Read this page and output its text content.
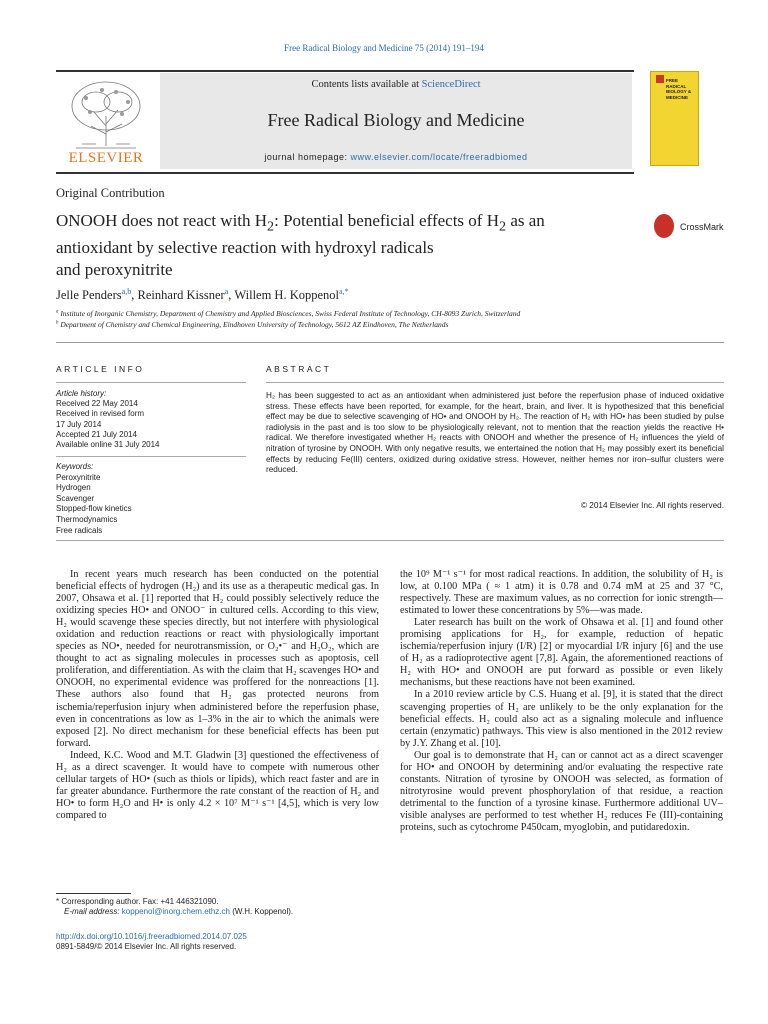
Free Radical Biology and Medicine 75 (2014) 191–194
ELSEVIER
Contents lists available at ScienceDirect
Free Radical Biology and Medicine
journal homepage: www.elsevier.com/locate/freeradbiomed
FREE RADICAL BIOLOGY & MEDICINE
Original Contribution
ONOOH does not react with $H_2$: Potential beneficial effects of $H_2$ as an
antioxidant by selective reaction with hydroxyl radicals
and peroxynitrite
CrossMark
Jelle Penders$^{a,b}$, Reinhard Kissner$^a$, Willem H. Koppenol$^{a,*}$
$^a$ Institute of Inorganic Chemistry, Department of Chemistry and Applied Biosciences, Swiss Federal Institute of Technology, CH-8093 Zurich, Switzerland
$^b$ Department of Chemistry and Chemical Engineering, Eindhoven University of Technology, 5612 AZ Eindhoven, The Netherlands
ARTICLE INFO
Article history:
Received 22 May 2014
Received in revised form
17 July 2014
Accepted 21 July 2014
Available online 31 July 2014
Keywords:
Peroxynitrite
Hydrogen
Scavenger
Stopped-flow kinetics
Thermodynamics
Free radicals
ABSTRACT
H₂ has been suggested to act as an antioxidant when administered just before the reperfusion phase of induced oxidative stress. These effects have been reported, for example, for the heart, brain, and liver. It is hypothesized that this beneficial effect may be due to selective scavenging of HO• and ONOOH by H₂. The reaction of H₂ with HO• has been studied by pulse radiolysis in the past and is too slow to be physiologically relevant, not to mention that the reaction yields the reactive H• radical. We therefore investigated whether H₂ reacts with ONOOH and whether the presence of H₂ influences the yield of nitration of tyrosine by ONOOH. With only negative results, we entertained the notion that H₂ may possibly exert its beneficial effects by reducing Fe(III) centers, oxidized during oxidative stress. However, neither hemes nor iron–sulfur clusters were reduced.
© 2014 Elsevier Inc. All rights reserved.

In recent years much research has been conducted on the potential beneficial effects of hydrogen (H₂) and its use as a therapeutic medical gas. In 2007, Ohsawa et al. [1] reported that H₂ could possibly selectively reduce the oxidizing species HO• and ONOO⁻ in cultured cells. According to this view, H₂ would scavenge these species directly, but not interfere with physiological oxidation and reduction reactions or react with physiologically important species as NO•, needed for neurotransmission, or O₂•⁻ and H₂O₂, which are thought to act as signaling molecules in processes such as apoptosis, cell proliferation, and differentiation. As with the claim that H₂ scavenges HO• and ONOOH, no experimental evidence was proffered for the nonreactions [1]. These authors also found that H₂ gas protected neurons from ischemia/reperfusion injury when administered before the reperfusion phase, even in concentrations as low as 1–3% in the air to which the animals were exposed [2]. No direct mechanism for these beneficial effects has been put forward.

Indeed, K.C. Wood and M.T. Gladwin [3] questioned the effectiveness of H₂ as a direct scavenger. It would have to compete with numerous other cellular targets of HO• (such as thiols or lipids), which react faster and are in far greater abundance. Furthermore the rate constant of the reaction of H₂ and HO• to form H₂O and H• is only 4.2 × 10⁷ M⁻¹ s⁻¹ [4,5], which is very low compared to

the 10⁹ M⁻¹ s⁻¹ for most radical reactions. In addition, the solubility of H₂ is low, at 0.100 MPa ( ≈ 1 atm) it is 0.78 and 0.74 mM at 25 and 37 °C, respectively. These are maximum values, as no correction for ionic strength—estimated to lower these concentrations by 5%—was made.

Later research has built on the work of Ohsawa et al. [1] and found other promising applications for H₂, for example, reduction of hepatic ischemia/reperfusion injury (I/R) [2] or myocardial I/R injury [6] and the use of H₂ as a radioprotective agent [7,8]. Again, the aforementioned reactions of H₂ with HO• and ONOOH are put forward as possible or even likely mechanisms, but these reactions have not been examined.

In a 2010 review article by C.S. Huang et al. [9], it is stated that the direct scavenging properties of H₂ are unlikely to be the only explanation for the beneficial effects. H₂ could also act as a signaling molecule and influence certain (enzymatic) pathways. This view is also mentioned in the 2012 review by J.Y. Zhang et al. [10].

Our goal is to demonstrate that H₂ can or cannot act as a direct scavenger for HO• and ONOOH by determining and/or evaluating the respective rate constants. Nitration of tyrosine by ONOOH was selected, as formation of nitrotyrosine would prevent phosphorylation of that residue, a reaction detrimental to the function of a tyrosine kinase. Furthermore additional UV–visible analyses are performed to test whether H₂ reduces Fe (III)-containing proteins, such as cytochrome P450cam, myoglobin, and putidaredoxin.

* Corresponding author. Fax: +41 446321090.
E-mail address: koppenol@inorg.chem.ethz.ch (W.H. Koppenol).
http://dx.doi.org/10.1016/j.freeradbiomed.2014.07.025
0891-5849/© 2014 Elsevier Inc. All rights reserved.
